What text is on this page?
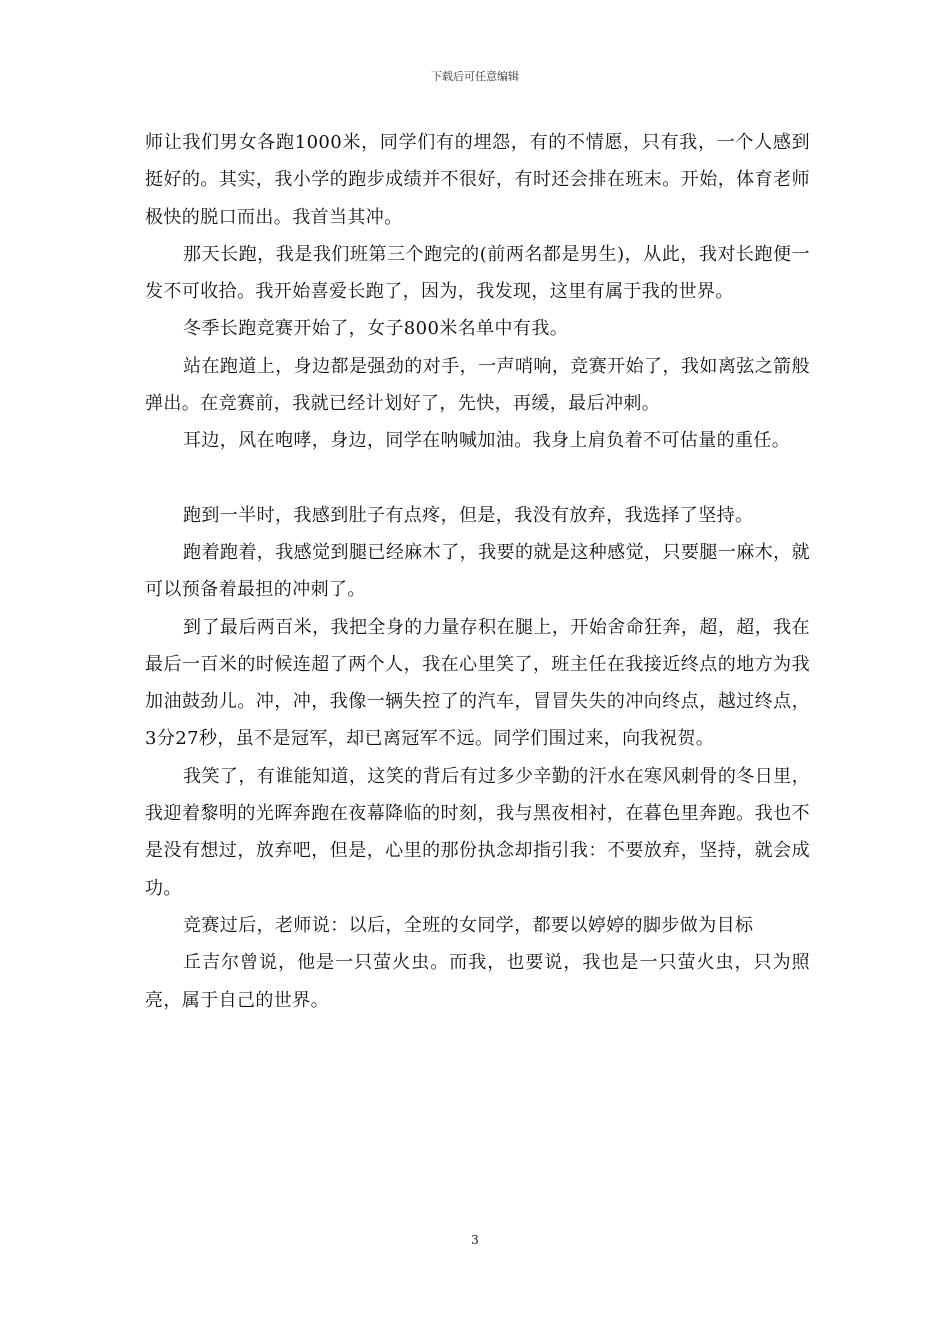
下载后可任意编辑

师让我们男女各跑1000米，同学们有的埋怨，有的不情愿，只有我，一个人感到挺好的。其实，我小学的跑步成绩并不很好，有时还会排在班末。开始，体育老师极快的脱口而出。我首当其冲。

那天长跑，我是我们班第三个跑完的(前两名都是男生)，从此，我对长跑便一发不可收拾。我开始喜爱长跑了，因为，我发现，这里有属于我的世界。

冬季长跑竞赛开始了，女子800米名单中有我。

站在跑道上，身边都是强劲的对手，一声哨响，竞赛开始了，我如离弦之箭般弹出。在竞赛前，我就已经计划好了，先快，再缓，最后冲刺。

耳边，风在咆哮，身边，同学在呐喊加油。我身上肩负着不可估量的重任。

跑到一半时，我感到肚子有点疼，但是，我没有放弃，我选择了坚持。

跑着跑着，我感觉到腿已经麻木了，我要的就是这种感觉，只要腿一麻木，就可以预备着最担的冲刺了。

到了最后两百米，我把全身的力量存积在腿上，开始舍命狂奔，超，超，我在最后一百米的时候连超了两个人，我在心里笑了，班主任在我接近终点的地方为我加油鼓劲儿。冲，冲，我像一辆失控了的汽车，冒冒失失的冲向终点，越过终点，3分27秒，虽不是冠军，却已离冠军不远。同学们围过来，向我祝贺。

我笑了，有谁能知道，这笑的背后有过多少辛勤的汗水在寒风刺骨的冬日里，我迎着黎明的光晖奔跑在夜幕降临的时刻，我与黑夜相衬，在暮色里奔跑。我也不是没有想过，放弃吧，但是，心里的那份执念却指引我：不要放弃，坚持，就会成功。

竞赛过后，老师说：以后，全班的女同学，都要以婷婷的脚步做为目标

丘吉尔曾说，他是一只萤火虫。而我，也要说，我也是一只萤火虫，只为照亮，属于自己的世界。

3
